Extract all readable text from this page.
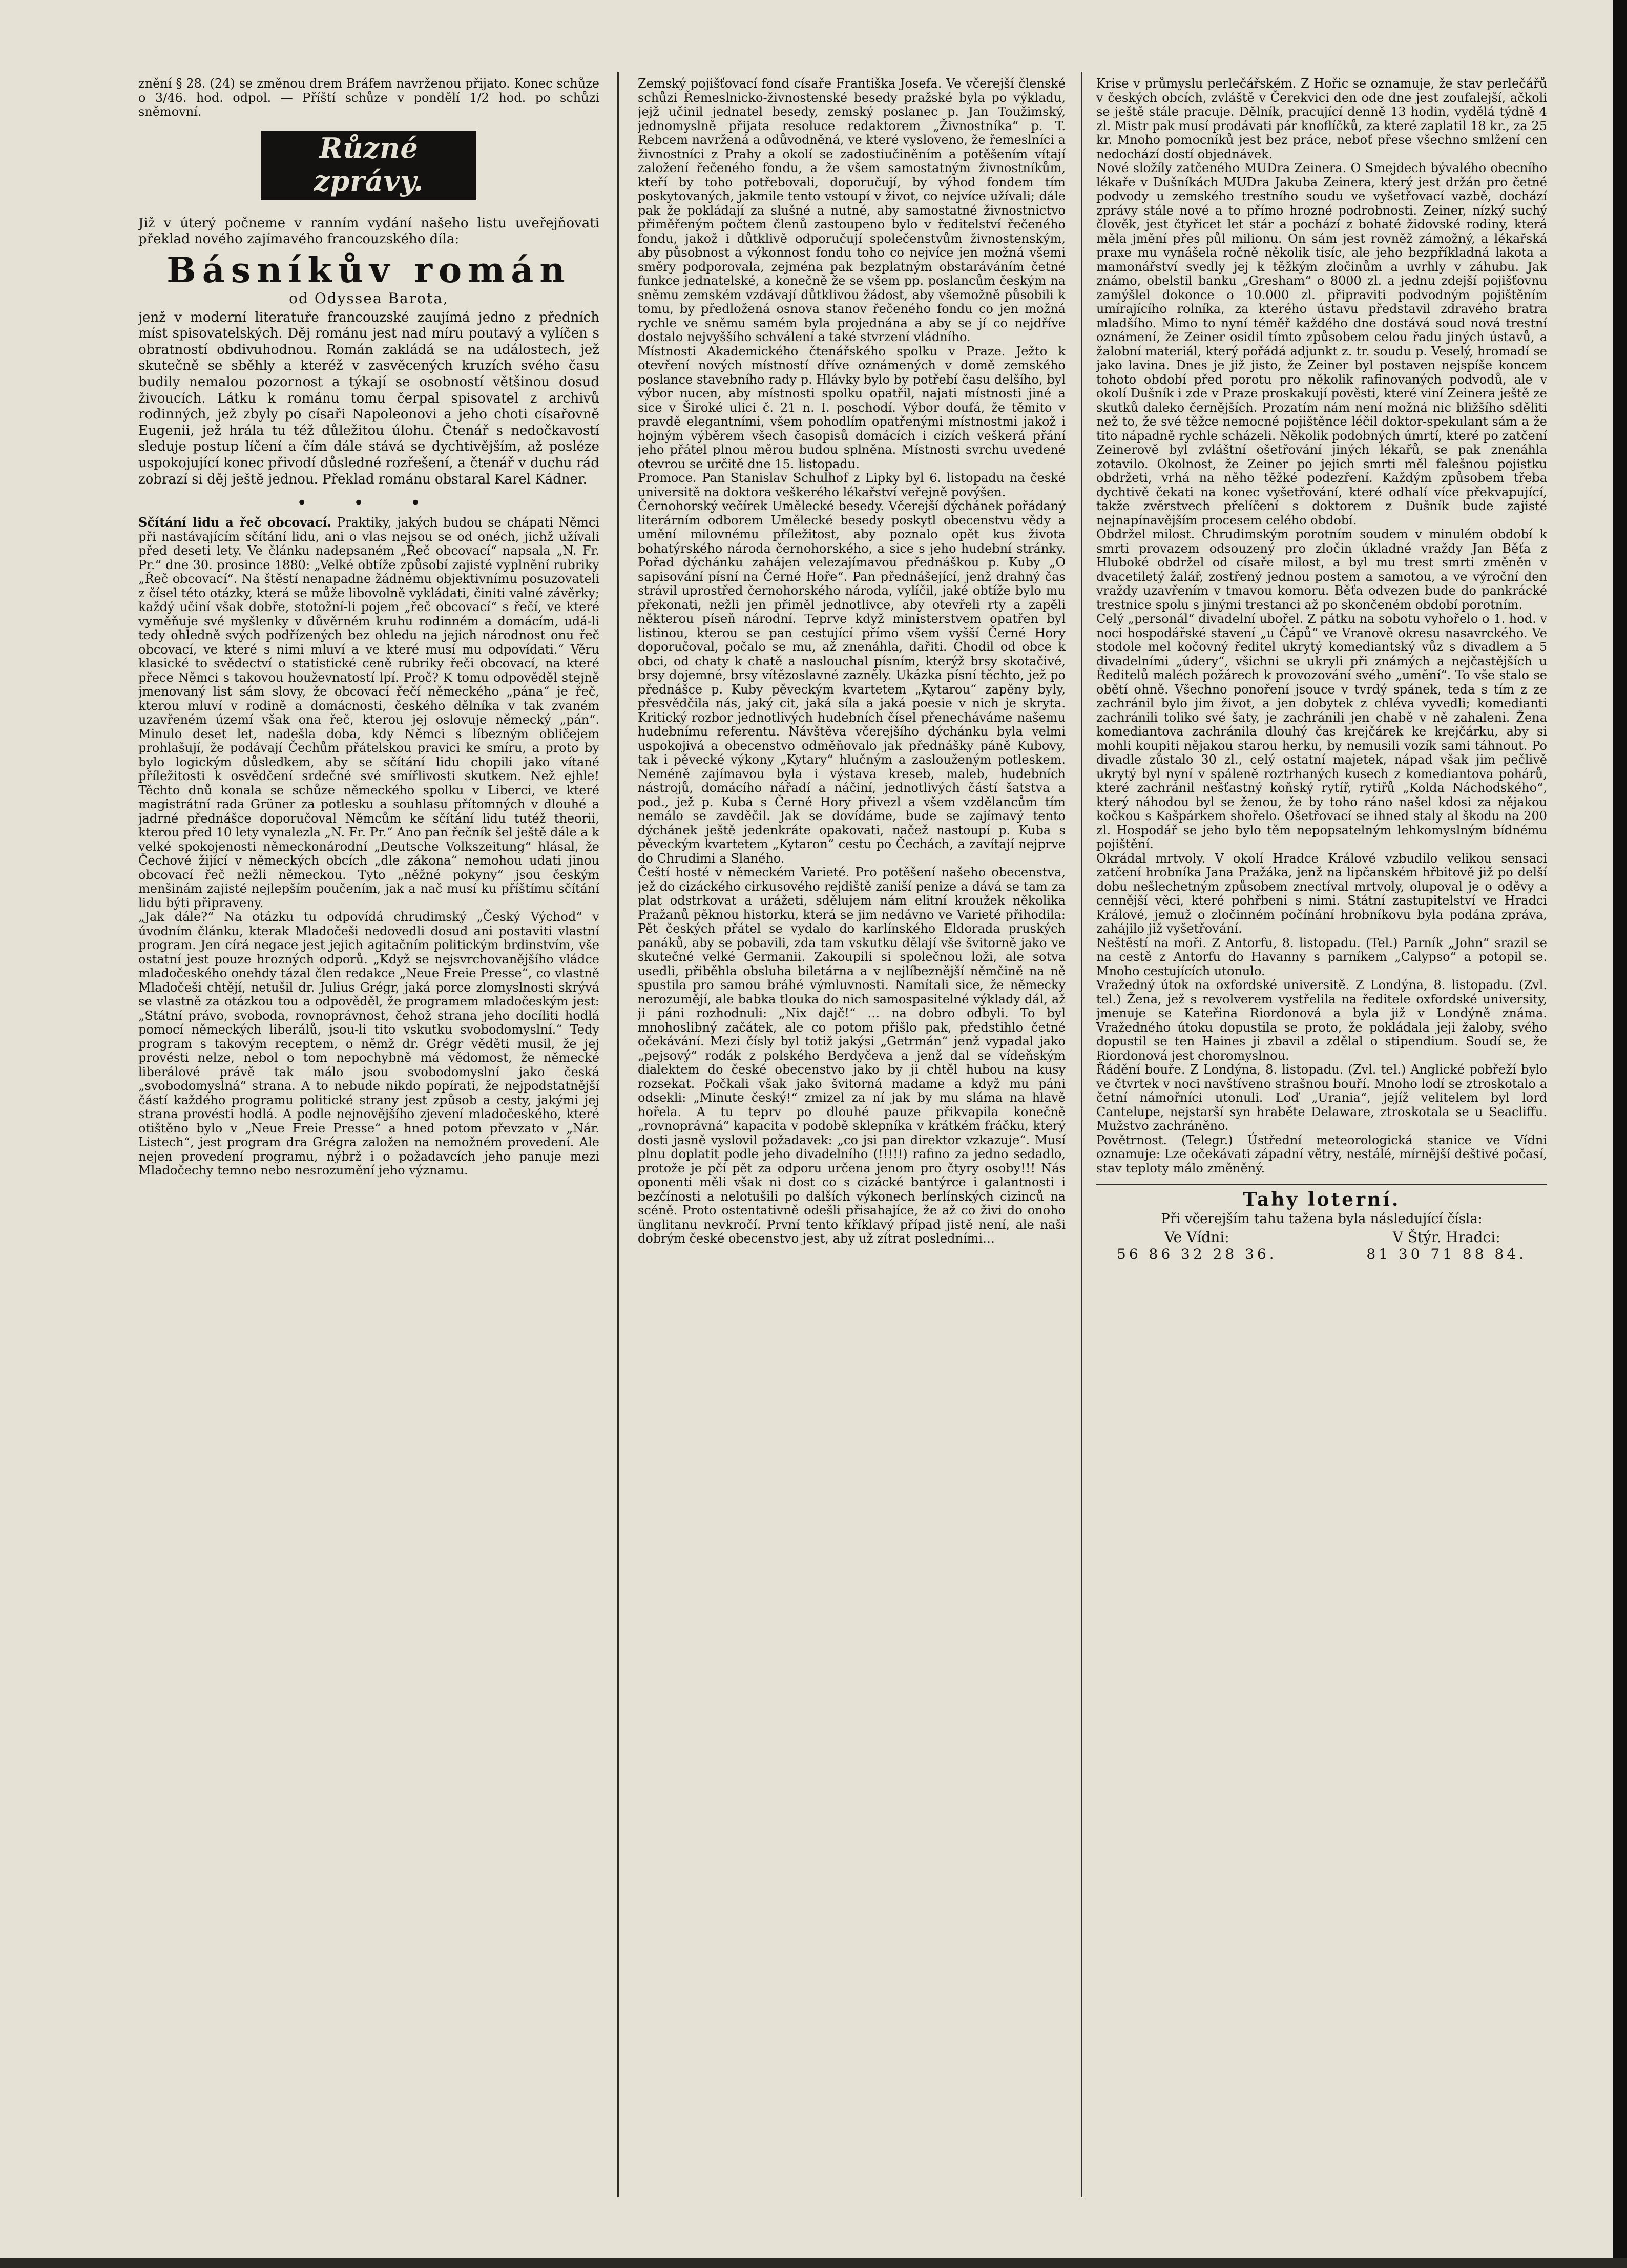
znění § 28. (24) se změnou drem Bráfem navrženou přijato. Konec schůze o 3/46. hod. odpol. — Příští schůze v pondělí 1/2 hod. po schůzi sněmovní.

Různé zprávy.

Již v úterý počneme v ranním vydání našeho listu uveřejňovati překlad nového zajímavého francouzského díla:

Básníkův román
od Odyssea Barota,

jenž v moderní literatuře francouzské zaujímá jedno z předních míst spisovatelských. Děj románu jest nad míru poutavý a vylíčen s obratností obdivuhodnou. Román zakládá se na událostech, jež skutečně se sběhly a kteréž v zasvěcených kruzích svého času budily nemalou pozornost a týkají se osobností většinou dosud živoucích. Látku k románu tomu čerpal spisovatel z archivů rodinných, jež zbyly po císaři Napoleonovi a jeho choti císařovně Eugenii, jež hrála tu též důležitou úlohu. Čtenář s nedočkavostí sleduje postup líčení a čím dále stává se dychtivějším, až posléze uspokojující konec přivodí důsledné rozřešení, a čtenář v duchu rád zobrazí si děj ještě jednou. Překlad románu obstaral Karel Kádner.

• • •

Sčítání lidu a řeč obcovací. Praktiky, jakých budou se chápati Němci při nastávajícím sčítání lidu, ani o vlas nejsou se od onéch, jichž užívali před deseti lety. Ve článku nadepsaném „Řeč obcovací“ napsala „N. Fr. Pr.“ dne 30. prosince 1880: „Velké obtíže způsobí zajisté vyplnění rubriky „Řeč obcovací“. Na štěstí nenapadne žádnému objektivnímu posuzovateli z čísel této otázky, která se může libovolně vykládati, činiti valné závěrky; každý učiní však dobře, stotožní-li pojem „řeč obcovací“ s řečí, ve které vyměňuje své myšlenky v důvěrném kruhu rodinném a domácím, udá-li tedy ohledně svých podřízených bez ohledu na jejich národnost onu řeč obcovací, ve které s nimi mluví a ve které musí mu odpovídati.“ Věru klasické to svědectví o statistické ceně rubriky řeči obcovací, na které přece Němci s takovou houževnatostí lpí. Proč? K tomu odpověděl stejně jmenovaný list sám slovy, že obcovací řečí německého „pána“ je řeč, kterou mluví v rodině a domácnosti, českého dělníka v tak zvaném uzavřeném území však ona řeč, kterou jej oslovuje německý „pán“. Minulo deset let, nadešla doba, kdy Němci s líbezným obličejem prohlašují, že podávají Čechům přátelskou pravici ke smíru, a proto by bylo logickým důsledkem, aby se sčítání lidu chopili jako vítané příležitosti k osvědčení srdečné své smířlivosti skutkem. Než ejhle! Těchto dnů konala se schůze německého spolku v Liberci, ve které magistrátní rada Grüner za potlesku a souhlasu přítomných v dlouhé a jadrné přednášce doporučoval Němcům ke sčítání lidu tutéž theorii, kterou před 10 lety vynalezla „N. Fr. Pr.“ Ano pan řečník šel ještě dále a k velké spokojenosti německonárodní „Deutsche Volkszeitung“ hlásal, že Čechové žijící v německých obcích „dle zákona“ nemohou udati jinou obcovací řeč nežli německou. Tyto „něžné pokyny“ jsou českým menšinám zajisté nejlepším poučením, jak a nač musí ku příštímu sčítání lidu býti připraveny.

„Jak dále?“ Na otázku tu odpovídá chrudimský „Český Východ“ v úvodním článku, kterak Mladočeši nedovedli dosud ani postaviti vlastní program. Jen círá negace jest jejich agitačním politickým brdinstvím, vše ostatní jest pouze hrozných odporů. „Když se nejsvrchovanějšího vládce mladočeského onehdy tázal člen redakce „Neue Freie Presse“, co vlastně Mladočeši chtějí, netušil dr. Julius Grégr, jaká porce zlomyslnosti skrývá se vlastně za otázkou tou a odpověděl, že programem mladočeským jest: „Státní právo, svoboda, rovnoprávnost, čehož strana jeho docíliti hodlá pomocí německých liberálů, jsou-li tito vskutku svobodomyslní.“ Tedy program s takovým receptem, o němž dr. Grégr věděti musil, že jej provésti nelze, nebol o tom nepochybně má vědomost, že německé liberálové právě tak málo jsou svobodomyslní jako česká „svobodomyslná“ strana. A to nebude nikdo popírati, že nejpodstatnější částí každého programu politické strany jest způsob a cesty, jakými jej strana provésti hodlá. A podle nejnovějšího zjevení mladočeského, které otištěno bylo v „Neue Freie Presse“ a hned potom převzato v „Nár. Listech“, jest program dra Grégra založen na nemožném provedení. Ale nejen provedení programu, nýbrž i o požadavcích jeho panuje mezi Mladočechy temno nebo nesrozumění jeho významu.

Zemský pojišťovací fond císaře Františka Josefa. Ve včerejší členské schůzi Řemeslnicko-živnostenské besedy pražské byla po výkladu, jejž učinil jednatel besedy, zemský poslanec p. Jan Toužimský, jednomyslně přijata resoluce redaktorem „Živnostníka“ p. T. Rebcem navržená a odůvodněná, ve které vysloveno, že řemeslníci a živnostníci z Prahy a okolí se zadostiučiněním a potěšením vítají založení řečeného fondu, a že všem samostatným živnostníkům, kteří by toho potřebovali, doporučují, by výhod fondem tím poskytovaných, jakmile tento vstoupí v život, co nejvíce užívali; dále pak že pokládají za slušné a nutné, aby samostatné živnostnictvo přiměřeným počtem členů zastoupeno bylo v ředitelství řečeného fondu, jakož i důtklivě odporučují společenstvům živnostenským, aby působnost a výkonnost fondu toho co nejvíce jen možná všemi směry podporovala, zejména pak bezplatným obstaráváním četné funkce jednatelské, a konečně že se všem pp. poslancům českým na sněmu zemském vzdávají důtklivou žádost, aby všemožně působili k tomu, by předložená osnova stanov řečeného fondu co jen možná rychle ve sněmu samém byla projednána a aby se jí co nejdříve dostalo nejvyššího schválení a také stvrzení vládního.

Místnosti Akademického čtenářského spolku v Praze. Ježto k otevření nových místností dříve oznámených v domě zemského poslance stavebního rady p. Hlávky bylo by potřebí času delšího, byl výbor nucen, aby místnosti spolku opatřil, najati místnosti jiné a sice v Široké ulici č. 21 n. I. poschodí. Výbor doufá, že těmito v pravdě elegantními, všem pohodlím opatřenými místnostmi jakož i hojným výběrem všech časopisů domácích i cizích veškerá přání jeho přátel plnou měrou budou splněna. Místnosti svrchu uvedené otevrou se určitě dne 15. listopadu.

Promoce. Pan Stanislav Schulhof z Lipky byl 6. listopadu na české universitě na doktora veškerého lékařství veřejně povýšen.

Černohorský večírek Umělecké besedy. Včerejší dýchánek pořádaný literárním odborem Umělecké besedy poskytl obecenstvu vědy a umění milovnému příležitost, aby poznalo opět kus života bohatýrského národa černohorského, a sice s jeho hudební stránky. Pořad dýchánku zahájen velezajímavou přednáškou p. Kuby „O sapisování písní na Černé Hoře“. Pan přednášející, jenž drahný čas strávil uprostřed černohorského národa, vylíčil, jaké obtíže bylo mu překonati, nežli jen přiměl jednotlivce, aby otevřeli rty a zapěli některou píseň národní. Teprve když ministerstvem opatřen byl listinou, kterou se pan cestující přímo všem vyšší Černé Hory doporučoval, počalo se mu, až znenáhla, dařiti. Chodil od obce k obci, od chaty k chatě a naslouchal písním, kterýž brsy skotačivé, brsy dojemné, brsy vítězoslavné zazněly. Ukázka písní těchto, jež po přednášce p. Kuby pěveckým kvartetem „Kytarou“ zapěny byly, přesvědčila nás, jaký cit, jaká síla a jaká poesie v nich je skryta. Kritický rozbor jednotlivých hudebních čísel přenecháváme našemu hudebnímu referentu. Návštěva včerejšího dýchánku byla velmi uspokojivá a obecenstvo odměňovalo jak přednášky páně Kubovy, tak i pěvecké výkony „Kytary“ hlučným a zaslouženým potleskem. Neméně zajímavou byla i výstava kreseb, maleb, hudebních nástrojů, domácího nářadí a náčiní, jednotlivých částí šatstva a pod., jež p. Kuba s Černé Hory přivezl a všem vzdělancům tím nemálo se zavděčil. Jak se dovídáme, bude se zajímavý tento dýchánek ještě jedenkráte opakovati, načež nastoupí p. Kuba s pěveckým kvartetem „Kytaron“ cestu po Čechách, a zavítají nejprve do Chrudimi a Slaného.

Čeští hosté v německém Varieté. Pro potěšení našeho obecenstva, jež do cizáckého cirkusového rejdiště zaniší penize a dává se tam za plat odstrkovat a urážeti, sdělujem nám elitní kroužek několika Pražanů pěknou historku, která se jim nedávno ve Varieté přihodila: Pět českých přátel se vydalo do karlínského Eldorada pruských panáků, aby se pobavili, zda tam vskutku dělají vše švitorně jako ve skutečné velké Germanii. Zakoupili si společnou loži, ale sotva usedli, přiběhla obsluha biletárna a v nejlíbeznější němčině na ně spustila pro samou bráhé výmluvnosti. Namítali sice, že německy nerozumějí, ale babka tlouka do nich samospasitelné výklady dál, až ji páni rozhodnuli: „Nix dajč!“ … na dobro odbyli. To byl mnohoslibný začátek, ale co potom přišlo pak, předstihlo četné očekávání. Mezi čísly byl totiž jakýsi „Getrmán“ jenž vypadal jako „pejsový“ rodák z polského Berdyčeva a jenž dal se vídeňským dialektem do české obecenstvo jako by ji chtěl hubou na kusy rozsekat. Počkali však jako švitorná madame a když mu páni odsekli: „Minute český!“ zmizel za ní jak by mu sláma na hlavě hořela. A tu teprv po dlouhé pauze přikvapila konečně „rovnoprávná“ kapacita v podobě sklepníka v krátkém fráčku, který dosti jasně vyslovil požadavek: „co jsi pan direktor vzkazuje“. Musí plnu doplatit podle jeho divadelního (!!!!!) rafino za jedno sedadlo, protože je pčí pět za odporu určena jenom pro čtyry osoby!!! Nás oponenti měli však ni dost co s cizácké bantýrce i galantnosti i bezčínosti a nelotušili po dalších výkonech berlínských cizinců na scéně. Proto ostentativně odešli přisahajíce, že až co živi do onoho ünglitanu nevkročí. První tento kříklavý případ jistě není, ale naši dobrým české obecenstvo jest, aby už zítrat posledními…

Krise v průmyslu perlečářském. Z Hořic se oznamuje, že stav perlečářů v českých obcích, zvláště v Čerekvici den ode dne jest zoufalejší, ačkoli se ještě stále pracuje. Dělník, pracující denně 13 hodin, vydělá týdně 4 zl. Mistr pak musí prodávati pár knoflíčků, za které zaplatil 18 kr., za 25 kr. Mnoho pomocníků jest bez práce, neboť přese všechno smlžení cen nedochází dostí objednávek.

Nové složíly zatčeného MUDra Zeinera. O Smejdech bývalého obecního lékaře v Dušníkách MUDra Jakuba Zeinera, který jest držán pro četné podvody u zemského trestního soudu ve vyšetřovací vazbě, dochází zprávy stále nové a to přímo hrozné podrobnosti. Zeiner, nízký suchý člověk, jest čtyřicet let stár a pochází z bohaté židovské rodiny, která měla jmění přes půl milionu. On sám jest rovněž zámožný, a lékařská praxe mu vynášela ročně několik tisíc, ale jeho bezpříkladná lakota a mamonářství svedly jej k těžkým zločinům a uvrhly v záhubu. Jak známo, obelstil banku „Gresham“ o 8000 zl. a jednu zdejší pojišťovnu zamýšlel dokonce o 10.000 zl. připraviti podvodným pojištěním umírajícího rolníka, za kterého ústavu představil zdravého bratra mladšího. Mimo to nyní téměř každého dne dostává soud nová trestní oznámení, že Zeiner osidil tímto způsobem celou řadu jiných ústavů, a žalobní materiál, který pořádá adjunkt z. tr. soudu p. Veselý, hromadí se jako lavina. Dnes je již jisto, že Zeiner byl postaven nejspíše koncem tohoto období před porotu pro několik rafinovaných podvodů, ale v okolí Dušník i zde v Praze proskakují pověsti, které viní Zeinera ještě ze skutků daleko černějších. Prozatím nám není možná nic bližšího sděliti než to, že své těžce nemocné pojištěnce léčil doktor-spekulant sám a že tito nápadně rychle scházeli. Několik podobných úmrtí, které po zatčení Zeinerově byl zvláštní ošetřování jiných lékařů, se pak znenáhla zotavilo. Okolnost, že Zeiner po jejich smrti měl falešnou pojistku obdržeti, vrhá na něho těžké podezření. Každým způsobem třeba dychtivě čekati na konec vyšetřování, které odhalí více překvapující, takže zvěrstvech přelíčení s doktorem z Dušník bude zajisté nejnapínavějším procesem celého období.

Obdržel milost. Chrudimským porotním soudem v minulém období k smrti provazem odsouzený pro zločin úkladné vraždy Jan Běťa z Hluboké obdržel od císaře milost, a byl mu trest smrti změněn v dvacetiletý žalář, zostřený jednou postem a samotou, a ve výroční den vraždy uzavřením v tmavou komoru. Běťa odvezen bude do pankrácké trestnice spolu s jinými trestanci až po skončeném období porotním.

Celý „personál“ divadelní ubořel. Z pátku na sobotu vyhořelo o 1. hod. v noci hospodářské stavení „u Čápů“ ve Vranově okresu nasavrckého. Ve stodole mel kočovný ředitel ukrytý komediantský vůz s divadlem a 5 divadelními „údery“, všichni se ukryli při známých a nejčastějších u Ředitelů maléch požárech k provozování svého „umění“. To vše stalo se obětí ohně. Všechno ponoření jsouce v tvrdý spánek, teda s tím z ze zachránil bylo jim život, a jen dobytek z chléva vyvedli; komedianti zachránili toliko své šaty, je zachránili jen chabě v ně zahaleni. Žena komediantova zachránila dlouhý čas krejčárek ke krejčárku, aby si mohli koupiti nějakou starou herku, by nemusili vozík sami táhnout. Po divadle zůstalo 30 zl., celý ostatní majetek, nápad však jim pečlivě ukrytý byl nyní v spáleně roztrhaných kusech z komediantova pohárů, které zachránil nešťastný koňský rytíř, rytiřů „Kolda Náchodského“, který náhodou byl se ženou, že by toho ráno našel kdosi za nějakou kočkou s Kašpárkem shořelo. Ošetřovací se ihned staly al škodu na 200 zl. Hospodář se jeho bylo těm nepopsatelným lehkomyslným bídnému pojištění.

Okrádal mrtvoly. V okolí Hradce Králové vzbudilo velikou sensaci zatčení hrobníka Jana Pražáka, jenž na lipčanském hřbitově již po delší dobu nešlechetným způsobem znectíval mrtvoly, olupoval je o oděvy a cennější věci, které pohřbeni s nimi. Státní zastupitelství ve Hradci Králové, jemuž o zločinném počínání hrobníkovu byla podána zpráva, zahájilo již vyšetřování.

Neštěstí na moři. Z Antorfu, 8. listopadu. (Tel.) Parník „John“ srazil se na cestě z Antorfu do Havanny s parníkem „Calypso“ a potopil se. Mnoho cestujících utonulo.

Vražedný útok na oxfordské universitě. Z Londýna, 8. listopadu. (Zvl. tel.) Žena, jež s revolverem vystřelila na ředitele oxfordské university, jmenuje se Kateřina Riordonová a byla již v Londýně známa. Vražedného útoku dopustila se proto, že pokládala jeji žaloby, svého dopustil se ten Haines ji zbavil a zdělal o stipendium. Soudí se, že Riordonová jest choromyslnou.

Řádění bouře. Z Londýna, 8. listopadu. (Zvl. tel.) Anglické pobřeží bylo ve čtvrtek v noci navštíveno strašnou bouří. Mnoho lodí se ztroskotalo a četní námořníci utonuli. Loď „Urania“, jejíž velitelem byl lord Cantelupe, nejstarší syn hraběte Delaware, ztroskotala se u Seacliffu. Mužstvo zachráněno.

Povětrnost. (Telegr.) Ústřední meteorologická stanice ve Vídni oznamuje: Lze očekávati západní větry, nestálé, mírnější deštivé počasí, stav teploty málo změněný.

Tahy loterní.
Při včerejším tahu tažena byla následující čísla:
Ve Vídni:
56 86 32 28 36.
V Štýr. Hradci:
81 30 71 88 84.
